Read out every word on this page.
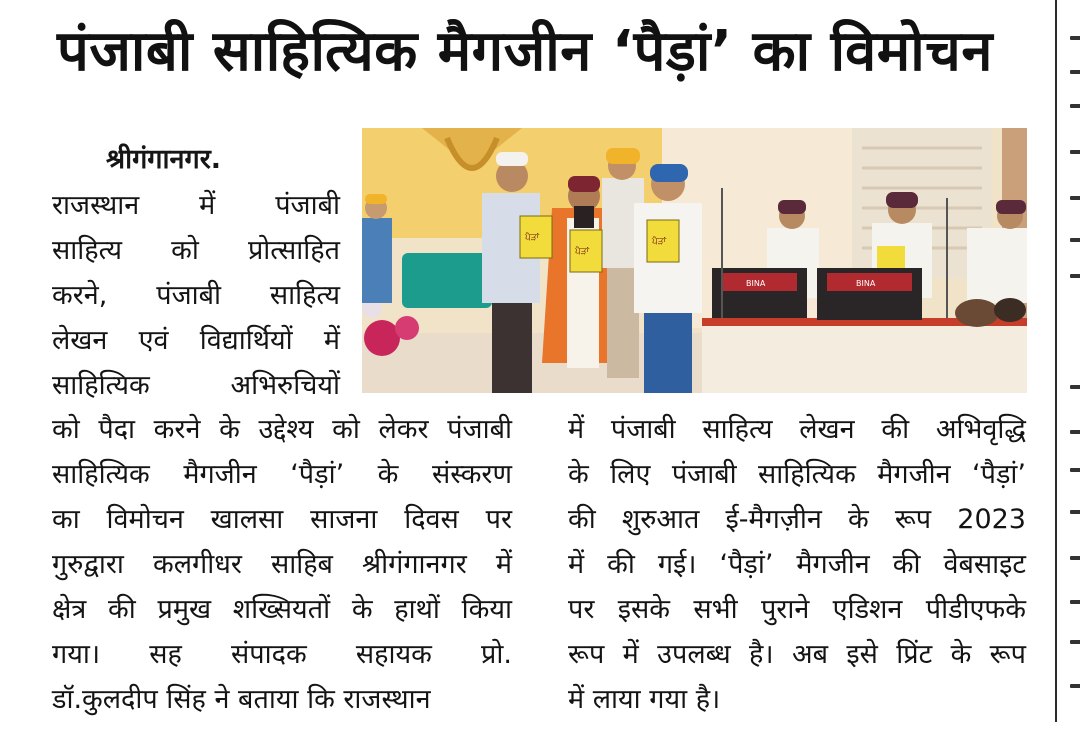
पंजाबी साहित्यिक मैगजीन ‘पैड़ां’ का विमोचन
श्रीगंगानगर.
राजस्थान में पंजाबी
साहित्य को प्रोत्साहित
करने, पंजाबी साहित्य
लेखन एवं विद्यार्थियों में
साहित्यिक अभिरुचियों
को पैदा करने के उद्देश्य को लेकर पंजाबी
साहित्यिक मैगजीन ‘पैड़ां’ के संस्करण
का विमोचन खालसा साजना दिवस पर
गुरुद्वारा कलगीधर साहिब श्रीगंगानगर में
क्षेत्र की प्रमुख शख्सियतों के हाथों किया
गया। सह संपादक सहायक प्रो.
डॉ.कुलदीप सिंह ने बताया कि राजस्थान
में पंजाबी साहित्य लेखन की अभिवृद्धि
के लिए पंजाबी साहित्यिक मैगजीन ‘पैड़ां’
की शुरुआत ई-मैगज़ीन के रूप 2023
में की गई। ‘पैड़ां’ मैगजीन की वेबसाइट
पर इसके सभी पुराने एडिशन पीडीएफके
रूप में उपलब्ध है। अब इसे प्रिंट के रूप
में लाया गया है।
ਪੈੜਾਂ
ਪੈੜਾਂ
ਪੈੜਾਂ
BINA	BINA
